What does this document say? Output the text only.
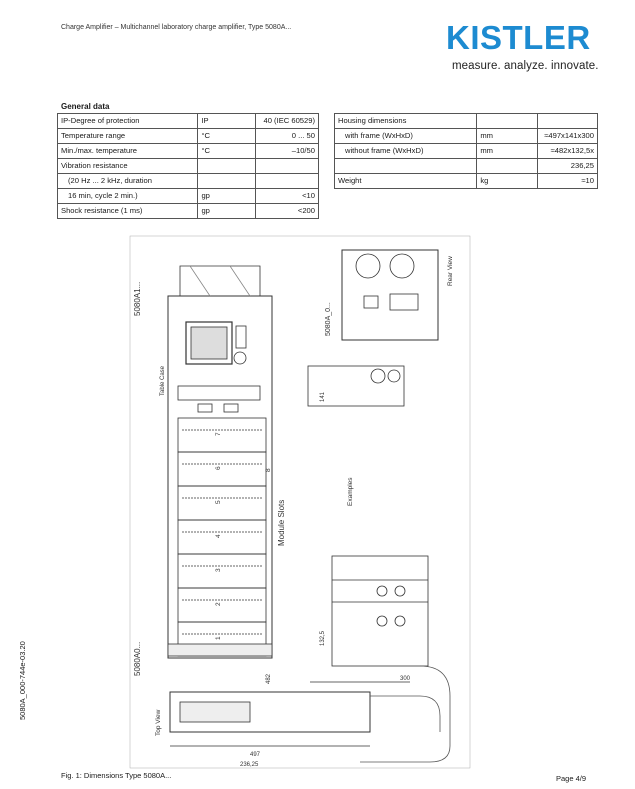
Charge Amplifier – Multichannel laboratory charge amplifier, Type 5080A...	KISTLER
measure. analyze. innovate.
General data
IP-Degree of protection	IP	40 (IEC 60529)
Temperature range	°C	0 ... 50
Min./max. temperature	°C	–10/50
Vibration resistance		
(20 Hz ... 2 kHz, duration		
16 min, cycle 2 min.)	gp	<10
Shock resistance (1 ms)	gp	<200
Housing dimensions		
with frame (WxHxD)	mm	≈497x141x300
without frame (WxHxD)	mm	≈482x132,5x
		236,25
Weight	kg	≈10
1
2
3
4
5
6
7
8
Module Slots
5080A1...
5080A0...
5080A_0...
Rear View
Top View
Examples
Table Case
497
482
236,25
300
141
132,5
5080A_000-744e-03.20
Fig. 1: Dimensions Type 5080A...	Page 4/9
